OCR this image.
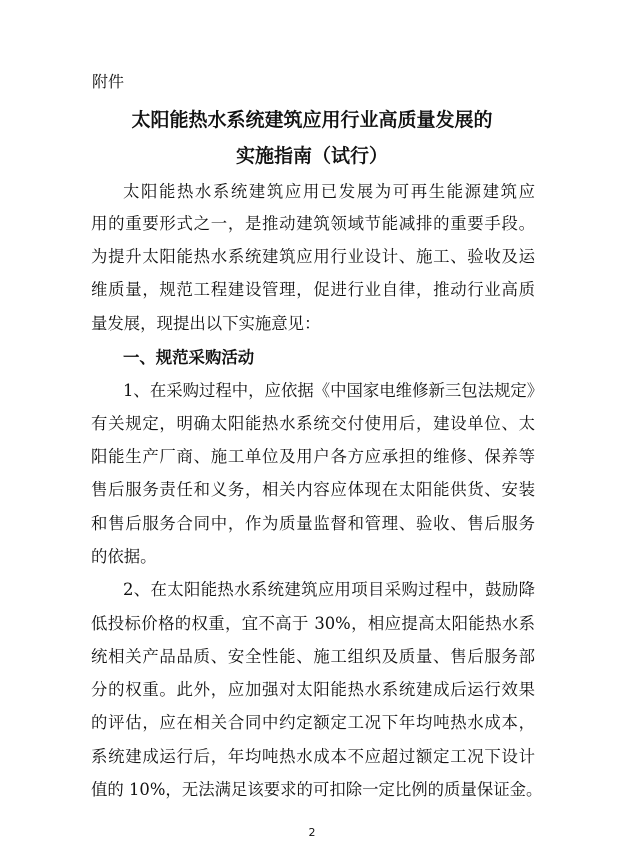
附件
太阳能热水系统建筑应用行业高质量发展的
实施指南（试行）
太阳能热水系统建筑应用已发展为可再生能源建筑应
用的重要形式之一，是推动建筑领域节能减排的重要手段。
为提升太阳能热水系统建筑应用行业设计、施工、验收及运
维质量，规范工程建设管理，促进行业自律，推动行业高质
量发展，现提出以下实施意见：
一、规范采购活动
1、在采购过程中，应依据《中国家电维修新三包法规定》
有关规定，明确太阳能热水系统交付使用后，建设单位、太
阳能生产厂商、施工单位及用户各方应承担的维修、保养等
售后服务责任和义务，相关内容应体现在太阳能供货、安装
和售后服务合同中，作为质量监督和管理、验收、售后服务
的依据。
2、在太阳能热水系统建筑应用项目采购过程中，鼓励降
低投标价格的权重，宜不高于 30%，相应提高太阳能热水系
统相关产品品质、安全性能、施工组织及质量、售后服务部
分的权重。此外，应加强对太阳能热水系统建成后运行效果
的评估，应在相关合同中约定额定工况下年均吨热水成本，
系统建成运行后，年均吨热水成本不应超过额定工况下设计
值的 10%，无法满足该要求的可扣除一定比例的质量保证金。
2
